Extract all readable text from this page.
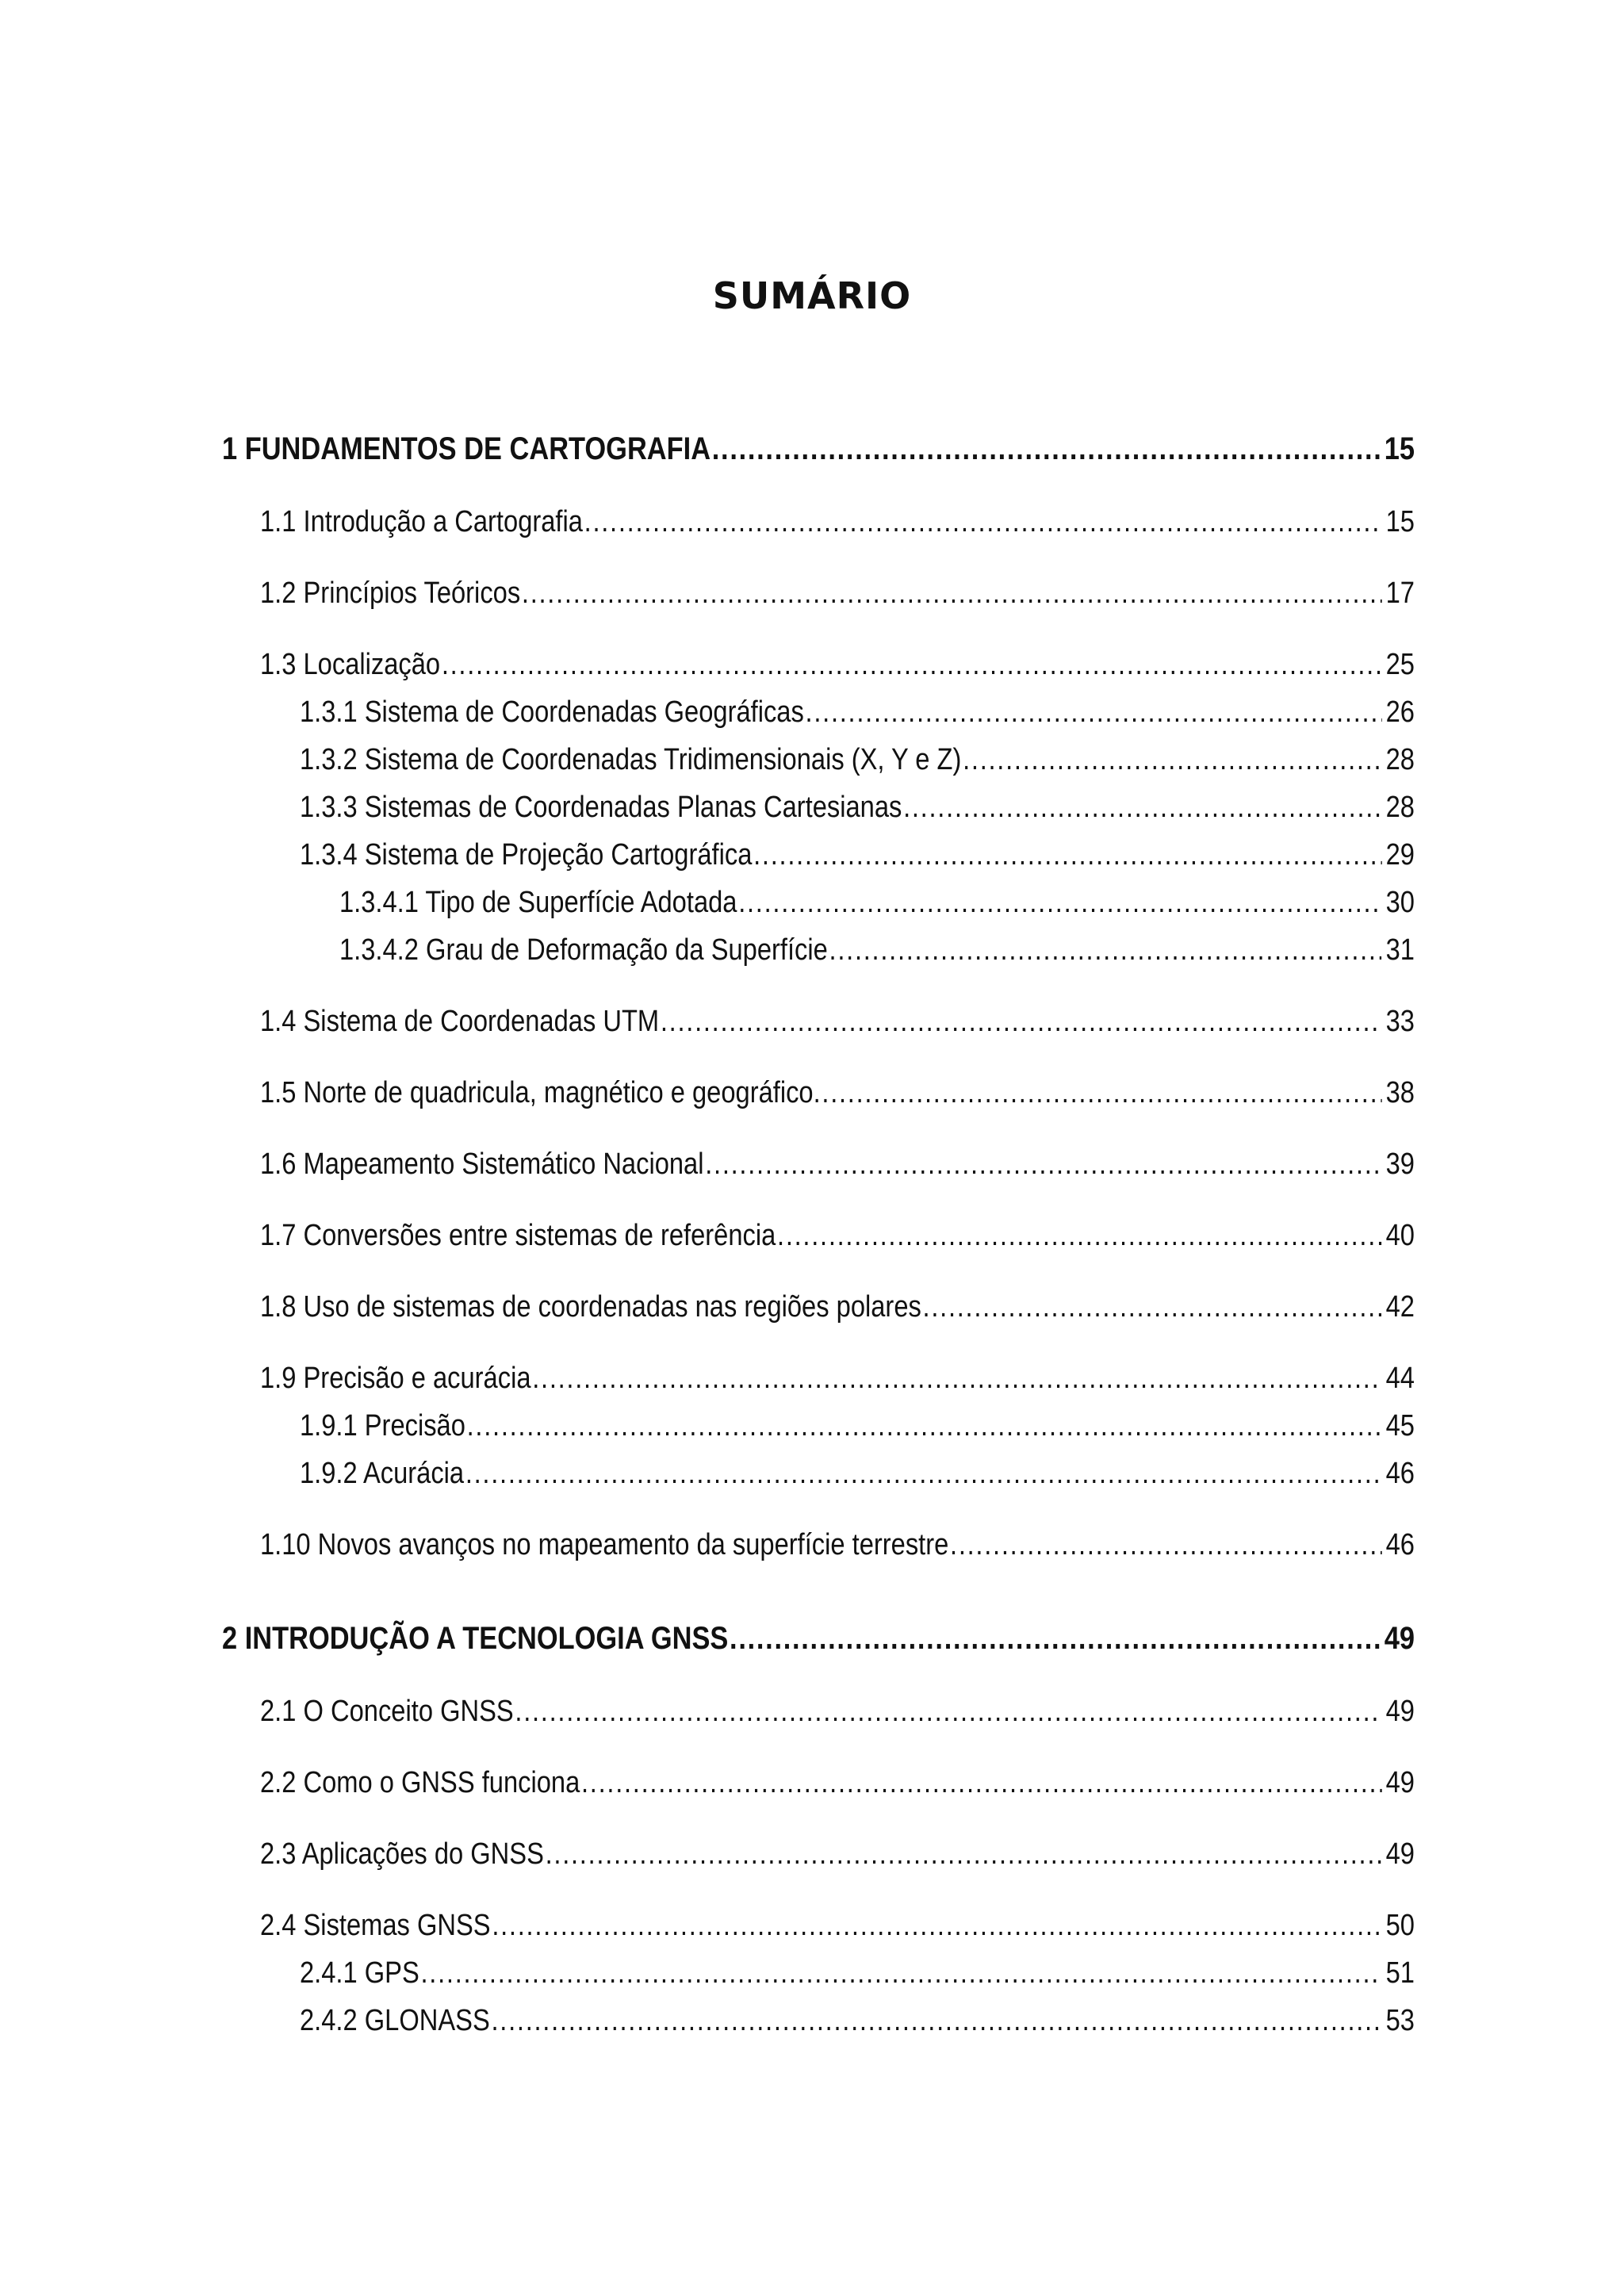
SUMÁRIO
1 FUNDAMENTOS DE CARTOGRAFIA .....	15
1.1 Introdução a Cartografia .....	15
1.2 Princípios Teóricos .....	17
1.3 Localização .....	25
1.3.1 Sistema de Coordenadas Geográficas .....	26
1.3.2 Sistema de Coordenadas Tridimensionais (X, Y e Z) .....	28
1.3.3 Sistemas de Coordenadas Planas Cartesianas .....	28
1.3.4 Sistema de Projeção Cartográfica .....	29
1.3.4.1 Tipo de Superfície Adotada .....	30
1.3.4.2 Grau de Deformação da Superfície .....	31
1.4 Sistema de Coordenadas UTM .....	33
1.5 Norte de quadricula, magnético e geográfico. .....	38
1.6 Mapeamento Sistemático Nacional .....	39
1.7 Conversões entre sistemas de referência .....	40
1.8 Uso de sistemas de coordenadas nas regiões polares .....	42
1.9 Precisão e acurácia .....	44
1.9.1 Precisão .....	45
1.9.2 Acurácia .....	46
1.10 Novos avanços no mapeamento da superfície terrestre .....	46
2 INTRODUÇÃO A TECNOLOGIA GNSS .....	49
2.1 O Conceito GNSS .....	49
2.2 Como o GNSS funciona .....	49
2.3 Aplicações do GNSS .....	49
2.4 Sistemas GNSS .....	50
2.4.1 GPS .....	51
2.4.2 GLONASS .....	53
